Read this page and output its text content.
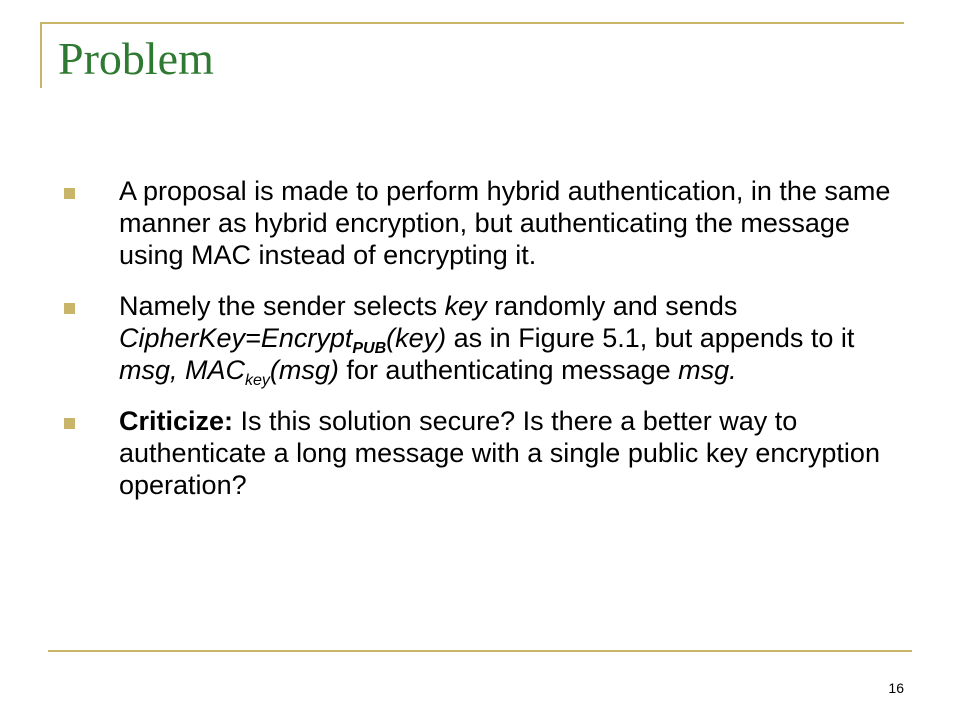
Problem
A proposal is made to perform hybrid authentication, in the same manner as hybrid encryption, but authenticating the message using MAC instead of encrypting it.
Namely the sender selects key randomly and sends CipherKey=Encrypt$_{PUB}$(key) as in Figure 5.1, but appends to it msg, $MAC_{key}(msg)$ for authenticating message msg.
Criticize: Is this solution secure? Is there a better way to authenticate a long message with a single public key encryption operation?
16
